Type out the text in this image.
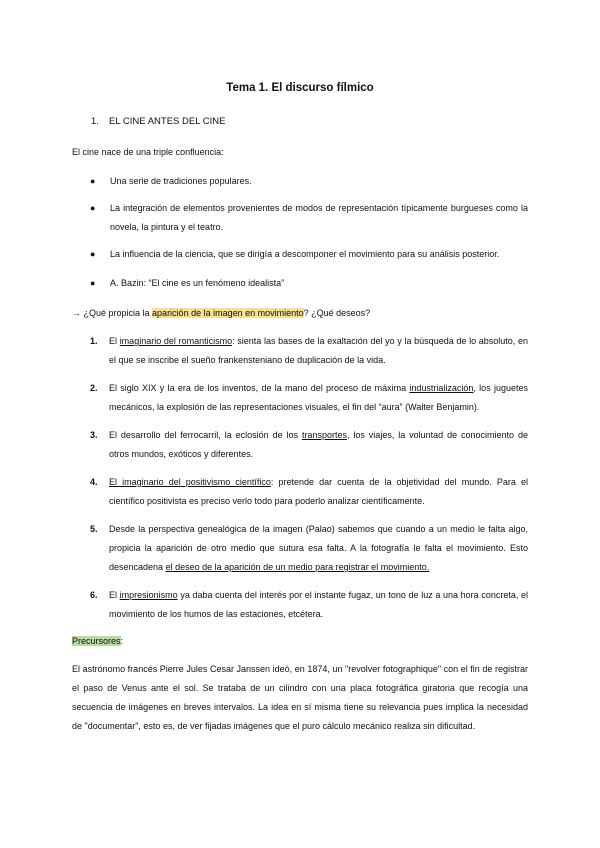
Tema 1. El discurso fílmico
1. EL CINE ANTES DEL CINE
El cine nace de una triple confluencia:
● Una serie de tradiciones populares.
● La integración de elementos provenientes de modos de representación típicamente burgueses como la novela, la pintura y el teatro.
● La influencia de la ciencia, que se dirigía a descomponer el movimiento para su análisis posterior.
● A. Bazin: “El cine es un fenómeno idealista”
→ ¿Qué propicia la aparición de la imagen en movimiento? ¿Qué deseos?
1. El imaginario del romanticismo: sienta las bases de la exaltación del yo y la búsqueda de lo absoluto, en el que se inscribe el sueño frankensteniano de duplicación de la vida.
2. El siglo XIX y la era de los inventos, de la mano del proceso de máxima industrialización, los juguetes mecánicos, la explosión de las representaciones visuales, el fin del “aura” (Walter Benjamin).
3. El desarrollo del ferrocarril, la eclosión de los transportes, los viajes, la voluntad de conocimiento de otros mundos, exóticos y diferentes.
4. El imaginario del positivismo científico: pretende dar cuenta de la objetividad del mundo. Para el científico positivista es preciso verlo todo para poderlo analizar científicamente.
5. Desde la perspectiva genealógica de la imagen (Palao) sabemos que cuando a un medio le falta algo, propicia la aparición de otro medio que sutura esa falta. A la fotografía le falta el movimiento. Esto desencadena el deseo de la aparición de un medio para registrar el movimiento.
6. El impresionismo ya daba cuenta del interés por el instante fugaz, un tono de luz a una hora concreta, el movimiento de los humos de las estaciones, etcétera.
Precursores:
El astrónomo francés Pierre Jules Cesar Janssen ideó, en 1874, un "revolver fotographique" con el fin de registrar el paso de Venus ante el sol. Se trataba de un cilindro con una placa fotográfica giratoria que recogía una secuencia de imágenes en breves intervalos. La idea en sí misma tiene su relevancia pues implica la necesidad de "documentar", esto es, de ver fijadas imágenes que el puro cálculo mecánico realiza sin dificultad.
